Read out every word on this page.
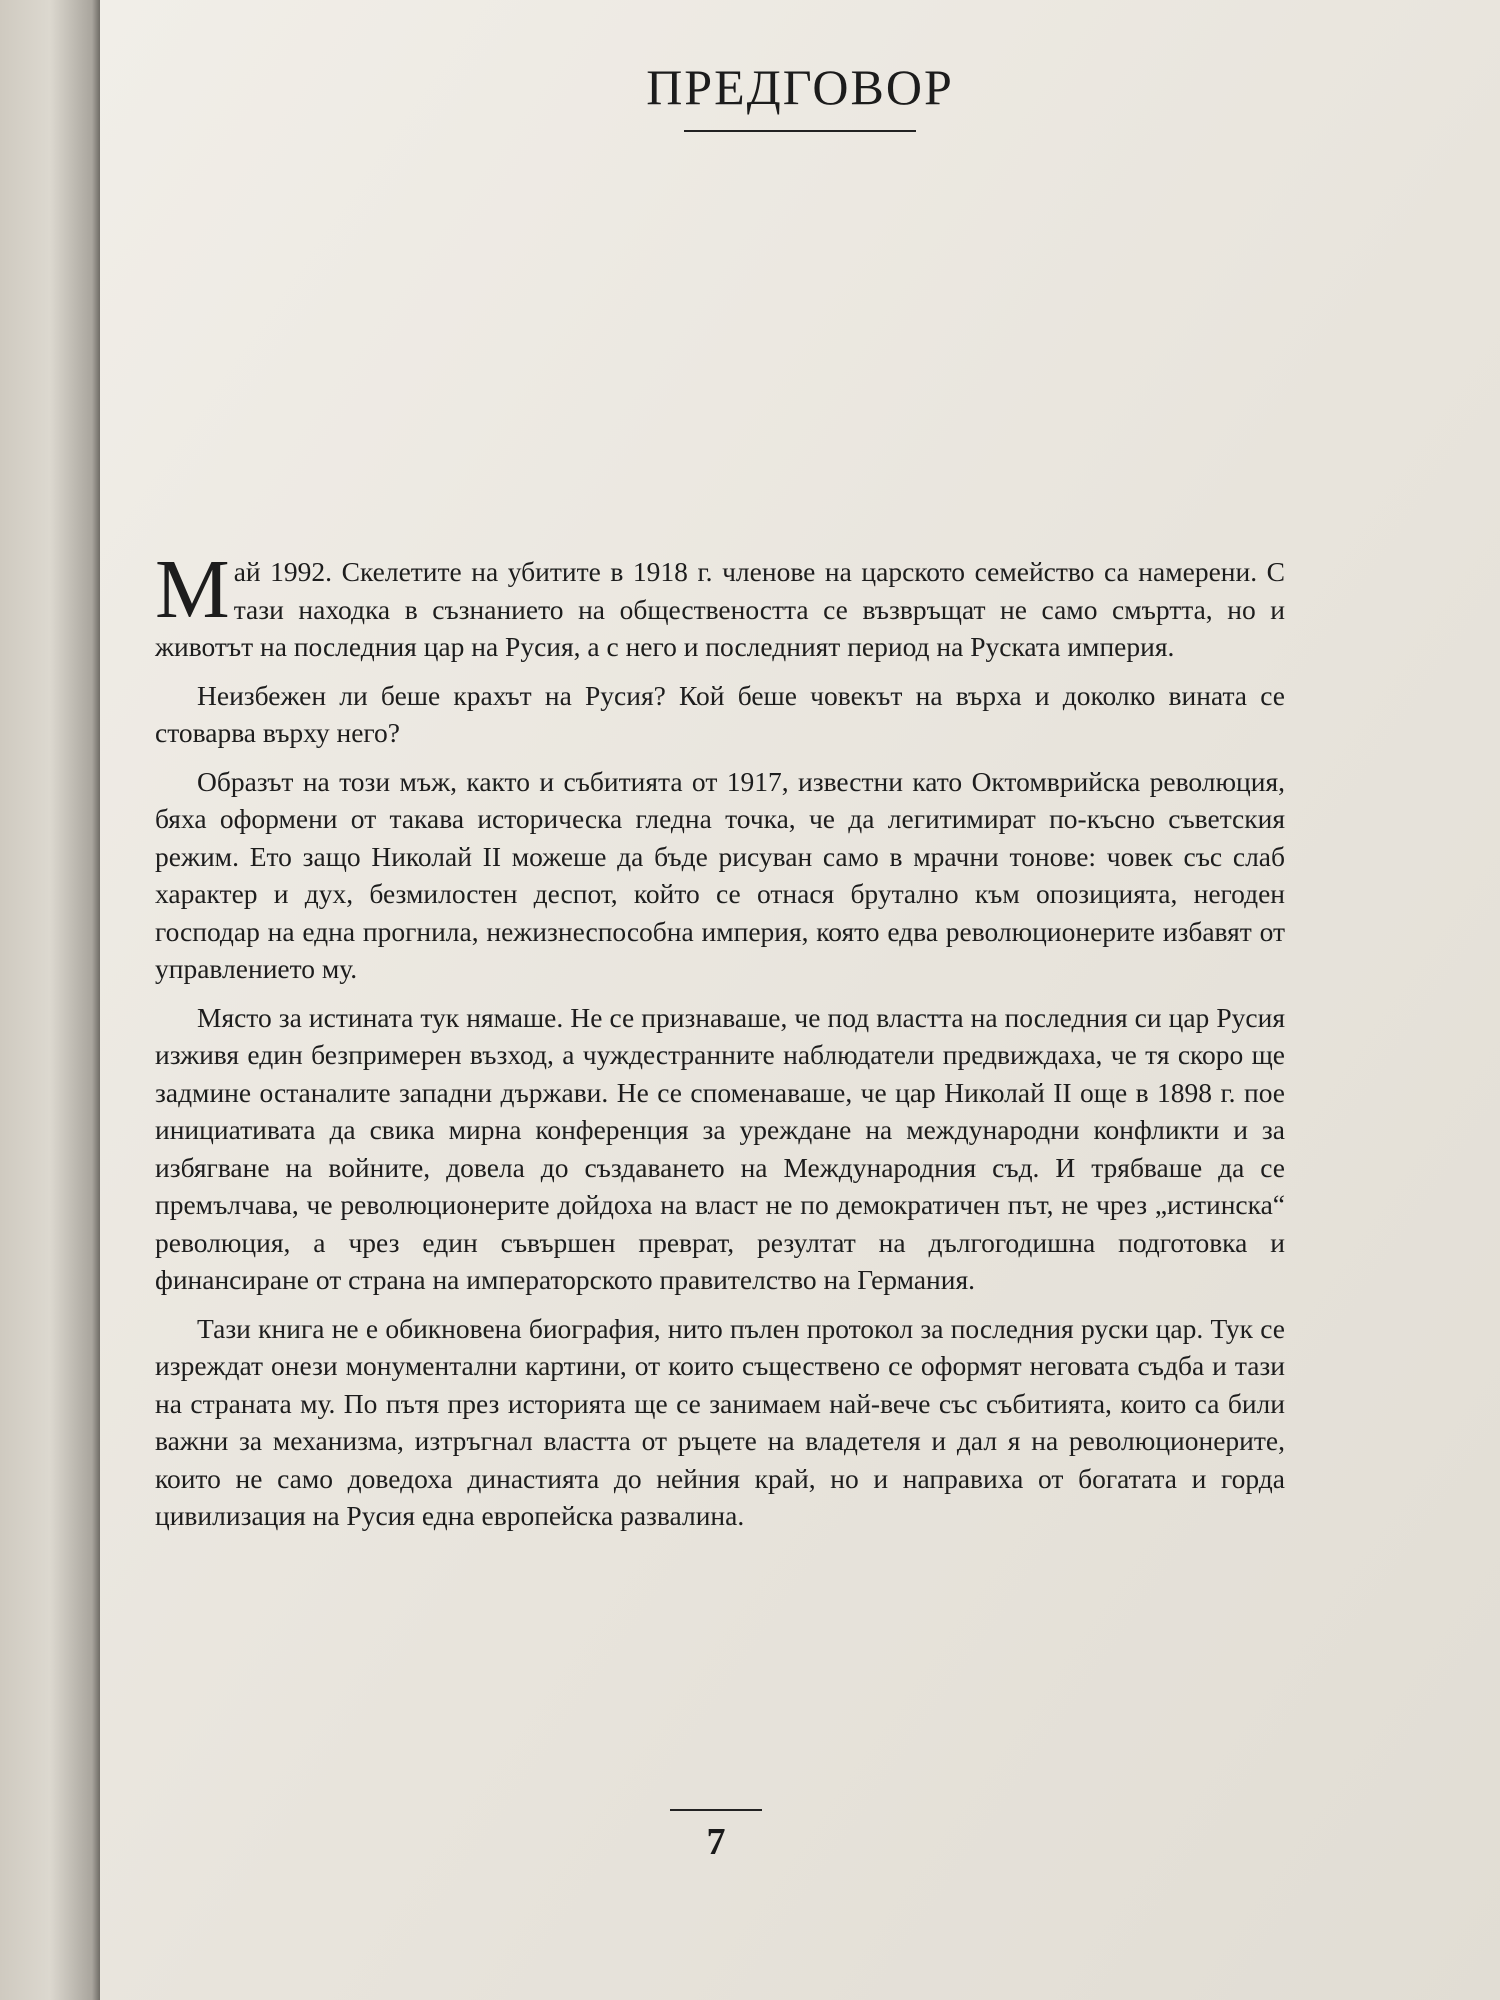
ПРЕДГОВОР

Май 1992. Скелетите на убитите в 1918 г. членове на царското семейство са намерени. С тази находка в съзнанието на обществеността се възвръщат не само смъртта, но и животът на последния цар на Русия, а с него и последният период на Руската империя.

Неизбежен ли беше крахът на Русия? Кой беше човекът на върха и доколко вината се стоварва върху него?

Образът на този мъж, както и събитията от 1917, известни като Октомврийска революция, бяха оформени от такава историческа гледна точка, че да легитимират по-късно съветския режим. Ето защо Николай II можеше да бъде рисуван само в мрачни тонове: човек със слаб характер и дух, безмилостен деспот, който се отнася брутално към опозицията, негоден господар на една прогнила, нежизнеспособна империя, която едва революционерите избавят от управлението му.

Място за истината тук нямаше. Не се признаваше, че под властта на последния си цар Русия изживя един безпримерен възход, а чуждестранните наблюдатели предвиждаха, че тя скоро ще задмине останалите западни държави. Не се споменаваше, че цар Николай II още в 1898 г. пое инициативата да свика мирна конференция за уреждане на международни конфликти и за избягване на войните, довела до създаването на Международния съд. И трябваше да се премълчава, че революционерите дойдоха на власт не по демократичен път, не чрез „истинска“ революция, а чрез един съвършен преврат, резултат на дългогодишна подготовка и финансиране от страна на императорското правителство на Германия.

Тази книга не е обикновена биография, нито пълен протокол за последния руски цар. Тук се изреждат онези монументални картини, от които съществено се оформят неговата съдба и тази на страната му. По пътя през историята ще се занимаем най-вече със събитията, които са били важни за механизма, изтръгнал властта от ръцете на владетеля и дал я на революционерите, които не само доведоха династията до нейния край, но и направиха от богатата и горда цивилизация на Русия една европейска развалина.

7
